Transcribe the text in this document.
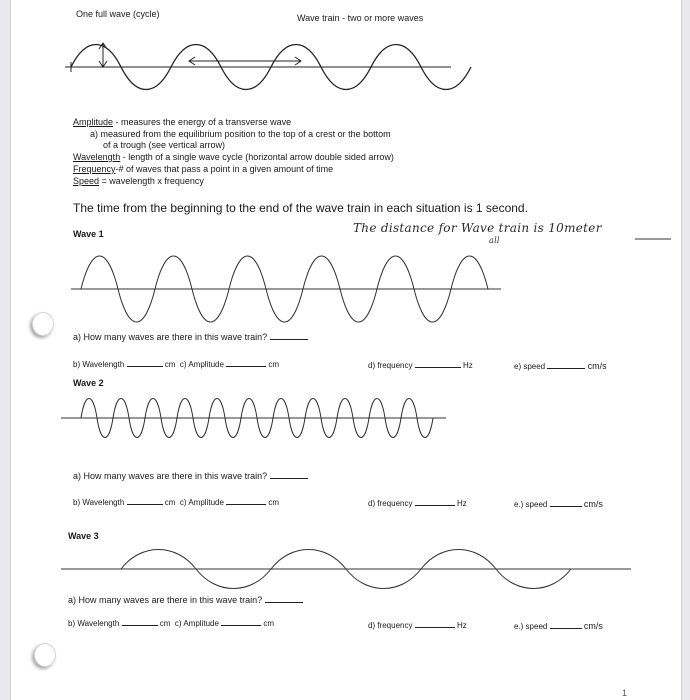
One full wave (cycle)	Wave train - two or more waves
Amplitude - measures the energy of a transverse wave
a) measured from the equilibrium position to the top of a crest or the bottom
of a trough (see vertical arrow)
Wavelength - length of a single wave cycle (horizontal arrow double sided arrow)
Frequency-# of waves that pass a point in a given amount of time
Speed = wavelength x frequency
The time from the beginning to the end of the wave train in each situation is 1 second.
The distance for Wave train is 10meter
all
Wave 1
a) How many waves are there in this wave train?
b) Wavelength	cm c) Amplitude	cm	d) frequency	Hz	e) speed	cm/s
Wave 2
a) How many waves are there in this wave train?
b) Wavelength	cm c) Amplitude	cm	d) frequency	Hz	e.) speed	cm/s
Wave 3
a) How many waves are there in this wave train?
b) Wavelength	cm c) Amplitude	cm	d) frequency	Hz	e.) speed	cm/s
1
